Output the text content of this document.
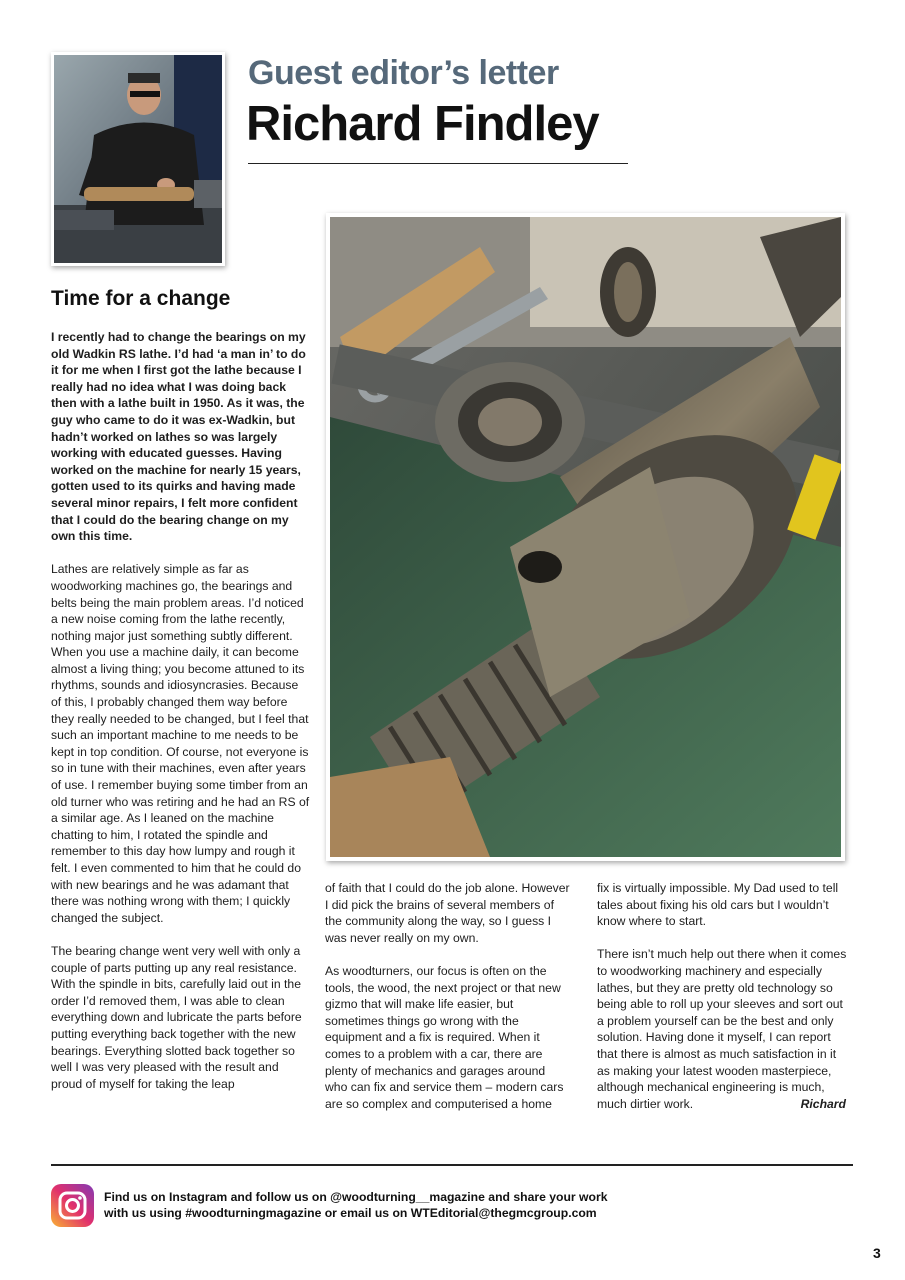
Guest editor’s letter
Richard Findley
Time for a change

I recently had to change the bearings on my old Wadkin RS lathe. I’d had ‘a man in’ to do it for me when I first got the lathe because I really had no idea what I was doing back then with a lathe built in 1950. As it was, the guy who came to do it was ex-Wadkin, but hadn’t worked on lathes so was largely working with educated guesses. Having worked on the machine for nearly 15 years, gotten used to its quirks and having made several minor repairs, I felt more confident that I could do the bearing change on my own this time.

Lathes are relatively simple as far as woodworking machines go, the bearings and belts being the main problem areas. I’d noticed a new noise coming from the lathe recently, nothing major just something subtly different. When you use a machine daily, it can become almost a living thing; you become attuned to its rhythms, sounds and idiosyncrasies. Because of this, I probably changed them way before they really needed to be changed, but I feel that such an important machine to me needs to be kept in top condition. Of course, not everyone is so in tune with their machines, even after years of use. I remember buying some timber from an old turner who was retiring and he had an RS of a similar age. As I leaned on the machine chatting to him, I rotated the spindle and remember to this day how lumpy and rough it felt. I even commented to him that he could do with new bearings and he was adamant that there was nothing wrong with them; I quickly changed the subject.

The bearing change went very well with only a couple of parts putting up any real resistance. With the spindle in bits, carefully laid out in the order I’d removed them, I was able to clean everything down and lubricate the parts before putting everything back together with the new bearings. Everything slotted back together so well I was very pleased with the result and proud of myself for taking the leap

of faith that I could do the job alone. However I did pick the brains of several members of the community along the way, so I guess I was never really on my own.

As woodturners, our focus is often on the tools, the wood, the next project or that new gizmo that will make life easier, but sometimes things go wrong with the equipment and a fix is required. When it comes to a problem with a car, there are plenty of mechanics and garages around who can fix and service them – modern cars are so complex and computerised a home

fix is virtually impossible. My Dad used to tell tales about fixing his old cars but I wouldn’t know where to start.

There isn’t much help out there when it comes to woodworking machinery and especially lathes, but they are pretty old technology so being able to roll up your sleeves and sort out a problem yourself can be the best and only solution. Having done it myself, I can report that there is almost as much satisfaction in it as making your latest wooden masterpiece, although mechanical engineering is much, much dirtier work.	Richard

Find us on Instagram and follow us on @woodturning__magazine and share your work
with us using #woodturningmagazine or email us on WTEditorial@thegmcgroup.com
3
